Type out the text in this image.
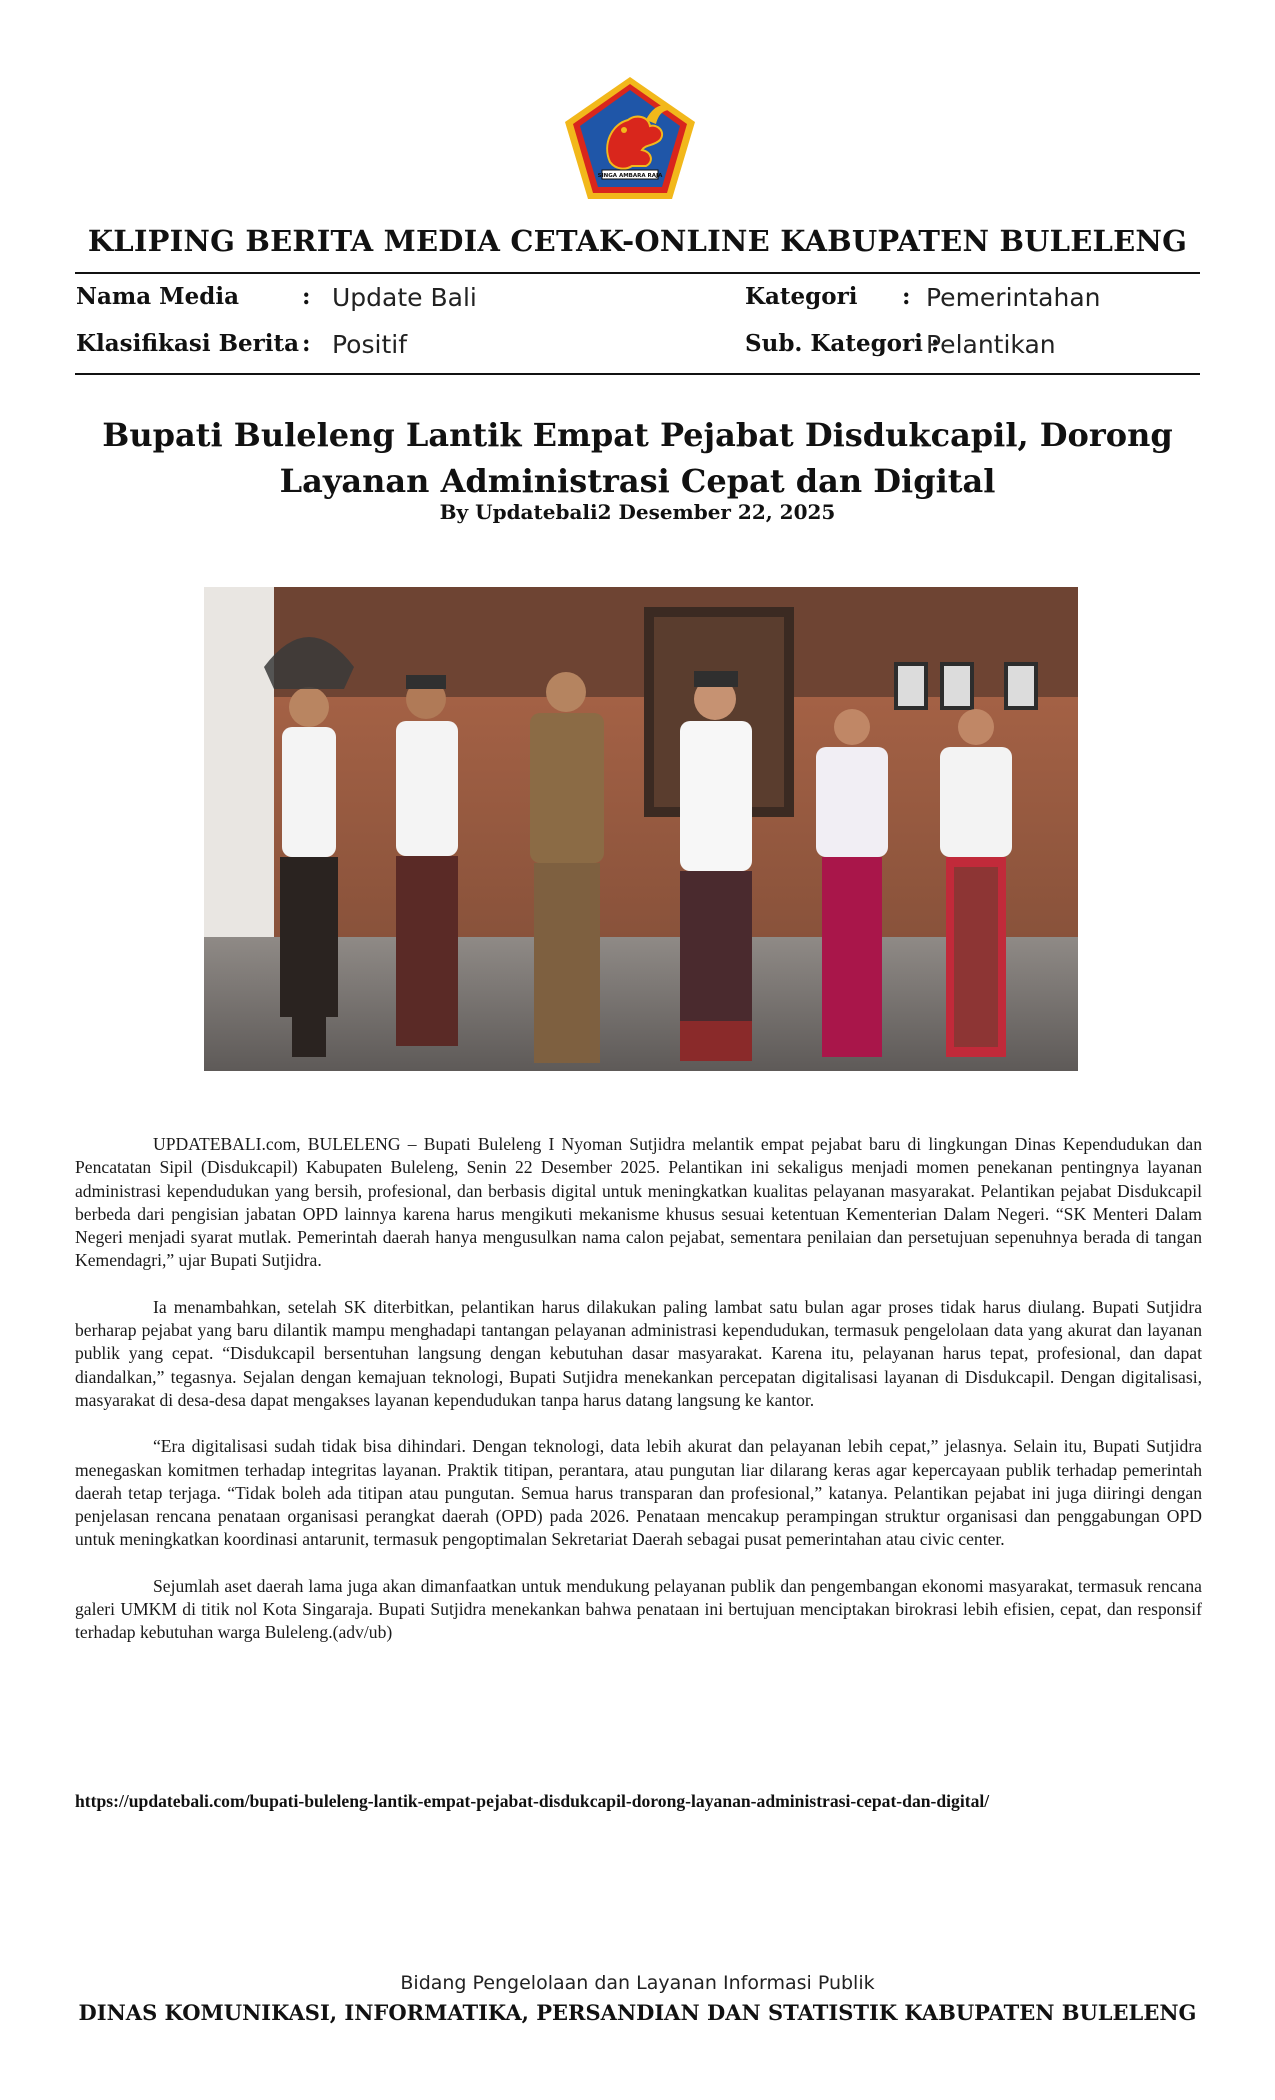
SINGA AMBARA RAJA
KLIPING BERITA MEDIA CETAK-ONLINE KABUPATEN BULELENG
Nama Media	: Update Bali	Kategori : Pemerintahan
Klasifikasi Berita : Positif	Sub. Kategori :
Pelantikan
Bupati Buleleng Lantik Empat Pejabat Disdukcapil, Dorong Layanan Administrasi Cepat dan Digital
By Updatebali2 Desember 22, 2025

UPDATEBALI.com, BULELENG – Bupati Buleleng I Nyoman Sutjidra melantik empat pejabat baru di lingkungan Dinas Kependudukan dan Pencatatan Sipil (Disdukcapil) Kabupaten Buleleng, Senin 22 Desember 2025. Pelantikan ini sekaligus menjadi momen penekanan pentingnya layanan administrasi kependudukan yang bersih, profesional, dan berbasis digital untuk meningkatkan kualitas pelayanan masyarakat. Pelantikan pejabat Disdukcapil berbeda dari pengisian jabatan OPD lainnya karena harus mengikuti mekanisme khusus sesuai ketentuan Kementerian Dalam Negeri. “SK Menteri Dalam Negeri menjadi syarat mutlak. Pemerintah daerah hanya mengusulkan nama calon pejabat, sementara penilaian dan persetujuan sepenuhnya berada di tangan Kemendagri,” ujar Bupati Sutjidra.

Ia menambahkan, setelah SK diterbitkan, pelantikan harus dilakukan paling lambat satu bulan agar proses tidak harus diulang. Bupati Sutjidra berharap pejabat yang baru dilantik mampu menghadapi tantangan pelayanan administrasi kependudukan, termasuk pengelolaan data yang akurat dan layanan publik yang cepat. “Disdukcapil bersentuhan langsung dengan kebutuhan dasar masyarakat. Karena itu, pelayanan harus tepat, profesional, dan dapat diandalkan,” tegasnya. Sejalan dengan kemajuan teknologi, Bupati Sutjidra menekankan percepatan digitalisasi layanan di Disdukcapil. Dengan digitalisasi, masyarakat di desa-desa dapat mengakses layanan kependudukan tanpa harus datang langsung ke kantor.

“Era digitalisasi sudah tidak bisa dihindari. Dengan teknologi, data lebih akurat dan pelayanan lebih cepat,” jelasnya. Selain itu, Bupati Sutjidra menegaskan komitmen terhadap integritas layanan. Praktik titipan, perantara, atau pungutan liar dilarang keras agar kepercayaan publik terhadap pemerintah daerah tetap terjaga. “Tidak boleh ada titipan atau pungutan. Semua harus transparan dan profesional,” katanya. Pelantikan pejabat ini juga diiringi dengan penjelasan rencana penataan organisasi perangkat daerah (OPD) pada 2026. Penataan mencakup perampingan struktur organisasi dan penggabungan OPD untuk meningkatkan koordinasi antarunit, termasuk pengoptimalan Sekretariat Daerah sebagai pusat pemerintahan atau civic center.

Sejumlah aset daerah lama juga akan dimanfaatkan untuk mendukung pelayanan publik dan pengembangan ekonomi masyarakat, termasuk rencana galeri UMKM di titik nol Kota Singaraja. Bupati Sutjidra menekankan bahwa penataan ini bertujuan menciptakan birokrasi lebih efisien, cepat, dan responsif terhadap kebutuhan warga Buleleng.(adv/ub)

https://updatebali.com/bupati-buleleng-lantik-empat-pejabat-disdukcapil-dorong-layanan-administrasi-cepat-dan-digital/
Bidang Pengelolaan dan Layanan Informasi Publik
DINAS KOMUNIKASI, INFORMATIKA, PERSANDIAN DAN STATISTIK KABUPATEN BULELENG
